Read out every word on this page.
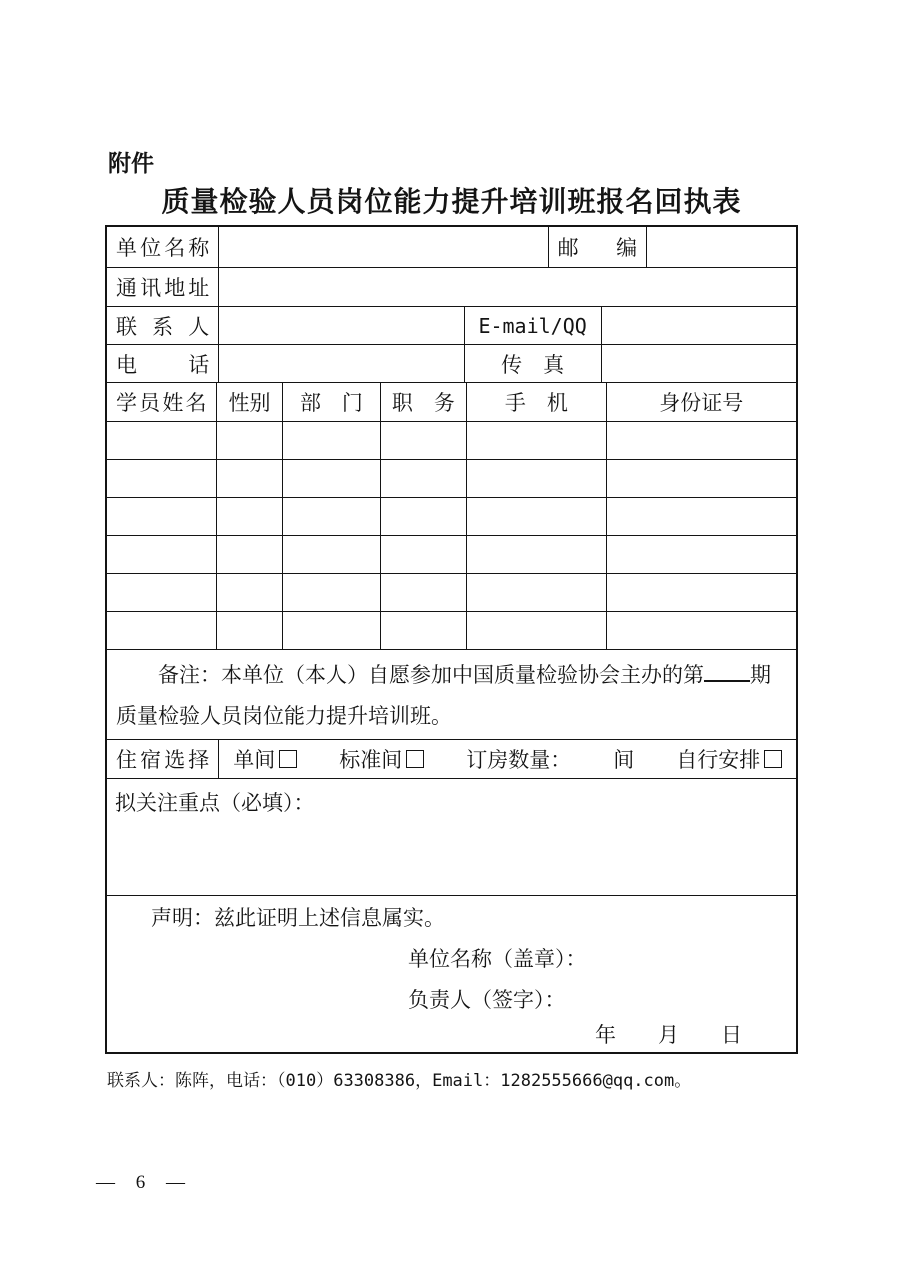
附件
质量检验人员岗位能力提升培训班报名回执表
单位名称	邮编
通讯地址
联系人	E-mail/QQ
电话	传　真
学员姓名	性别	部　门	职　务	手　机	身份证号
备注：本单位（本人）自愿参加中国质量检验协会主办的第 期
质量检验人员岗位能力提升培训班。
住宿选择	单间	标准间	订房数量： 间 自行安排
拟关注重点（必填）：
声明：兹此证明上述信息属实。
单位名称（盖章）：
负责人（签字）：
年　　月　　日
联系人：陈阵，电话：（010）63308386，Email：1282555666@qq.com。
— 6 —
